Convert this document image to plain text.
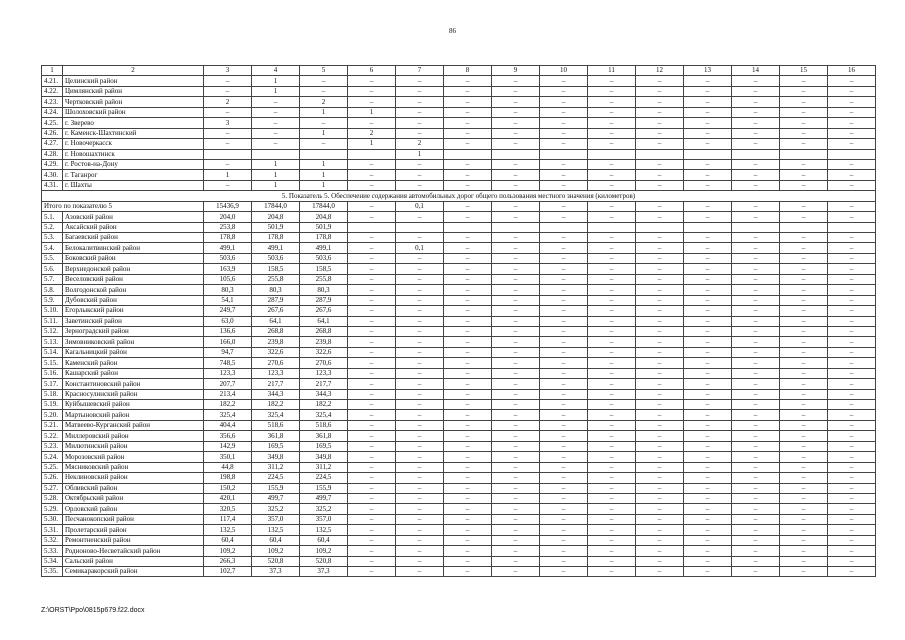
86
1	2	3	4	5	6	7	8	9	10	11	12	13	14	15	16
4.21.	Целинский район	–	1	–	–	–	–	–	–	–	–	–	–	–	–
4.22.	Цимлянский район	–	1	–	–	–	–	–	–	–	–	–	–	–	–
4.23.	Чертковский район	2	–	2	–	–	–	–	–	–	–	–	–	–	–
4.24.	Шолоховский район	–	–	1	1	–	–	–	–	–	–	–	–	–	–
4.25.	г. Зверево	3	–	–	–	–	–	–	–	–	–	–	–	–	–
4.26.	г. Каменск-Шахтинский	–	–	1	2	–	–	–	–	–	–	–	–	–	–
4.27.	г. Новочеркасск	–	–	–	1	2	–	–	–	–	–	–	–	–	–
4.28.	г. Новошахтинск					1									
4.29.	г. Ростов-на-Дону	–	1	1	–	–	–	–	–	–	–	–	–	–	–
4.30.	г. Таганрог	1	1	1	–	–	–	–	–	–	–	–	–	–	–
4.31.	г. Шахты	–	1	1	–	–	–	–	–	–	–	–	–	–	–
5. Показатель 5. Обеспечение содержания автомобильных дорог общего пользования местного значения (километров)															
Итого по показателю 5		15436,9	17844,0	17844,0	–	0,1	–	–	–	–	–	–	–	–	–
5.1.	Азовский район	204,0	204,8	204,8	–	–	–	–	–	–	–	–	–	–	–
5.2.	Аксайский район	253,8	501,9	501,9											
5.3.	Багаевский район	178,8	178,8	178,8	–	–	–	–	–	–	–	–	–	–	–
5.4.	Белокалитвинский район	499,1	499,1	499,1	–	0,1	–	–	–	–	–	–	–	–	–
5.5.	Боковский район	503,6	503,6	503,6	–	–	–	–	–	–	–	–	–	–	–
5.6.	Верхнедонской район	163,9	158,5	158,5	–	–	–	–	–	–	–	–	–	–	–
5.7.	Веселовский район	105,6	255,8	255,8	–	–	–	–	–	–	–	–	–	–	–
5.8.	Волгодонской район	80,3	80,3	80,3	–	–	–	–	–	–	–	–	–	–	–
5.9.	Дубовский район	54,1	287,9	287,9	–	–	–	–	–	–	–	–	–	–	–
5.10.	Егорлыкский район	249,7	267,6	267,6	–	–	–	–	–	–	–	–	–	–	–
5.11.	Заветинский район	63,0	64,1	64,1	–	–	–	–	–	–	–	–	–	–	–
5.12.	Зерноградский район	136,6	268,8	268,8	–	–	–	–	–	–	–	–	–	–	–
5.13.	Зимовниковский район	166,0	239,8	239,8	–	–	–	–	–	–	–	–	–	–	–
5.14.	Кагальницкий район	94,7	322,6	322,6	–	–	–	–	–	–	–	–	–	–	–
5.15.	Каменский район	748,5	270,6	270,6	–	–	–	–	–	–	–	–	–	–	–
5.16.	Кашарский район	123,3	123,3	123,3	–	–	–	–	–	–	–	–	–	–	–
5.17.	Константиновский район	207,7	217,7	217,7	–	–	–	–	–	–	–	–	–	–	–
5.18.	Красносулинский район	213,4	344,3	344,3	–	–	–	–	–	–	–	–	–	–	–
5.19.	Куйбышевский район	182,2	182,2	182,2	–	–	–	–	–	–	–	–	–	–	–
5.20.	Мартыновский район	325,4	325,4	325,4	–	–	–	–	–	–	–	–	–	–	–
5.21.	Матвеево-Курганский район	404,4	518,6	518,6	–	–	–	–	–	–	–	–	–	–	–
5.22.	Миллеровский район	356,6	361,8	361,8	–	–	–	–	–	–	–	–	–	–	–
5.23.	Милютинский район	142,9	169,5	169,5	–	–	–	–	–	–	–	–	–	–	–
5.24.	Морозовский район	350,1	349,8	349,8	–	–	–	–	–	–	–	–	–	–	–
5.25.	Мясниковский район	44,8	311,2	311,2	–	–	–	–	–	–	–	–	–	–	–
5.26.	Неклиновский район	198,8	224,5	224,5	–	–	–	–	–	–	–	–	–	–	–
5.27.	Обливский район	150,2	155,9	155,9	–	–	–	–	–	–	–	–	–	–	–
5.28.	Октябрьский район	420,1	499,7	499,7	–	–	–	–	–	–	–	–	–	–	–
5.29.	Орловский район	320,5	325,2	325,2	–	–	–	–	–	–	–	–	–	–	–
5.30.	Песчанокопский район	117,4	357,0	357,0	–	–	–	–	–	–	–	–	–	–	–
5.31.	Пролетарский район	132,5	132,5	132,5	–	–	–	–	–	–	–	–	–	–	–
5.32.	Ремонтненский район	60,4	60,4	60,4	–	–	–	–	–	–	–	–	–	–	–
5.33.	Родионово-Несветайский район	109,2	109,2	109,2	–	–	–	–	–	–	–	–	–	–	–
5.34.	Сальский район	266,3	520,8	520,8	–	–	–	–	–	–	–	–	–	–	–
5.35.	Семикаракорский район	102,7	37,3	37,3	–	–	–	–	–	–	–	–	–	–	–
Z:\ORST\Ppo\0815p679.f22.docx
